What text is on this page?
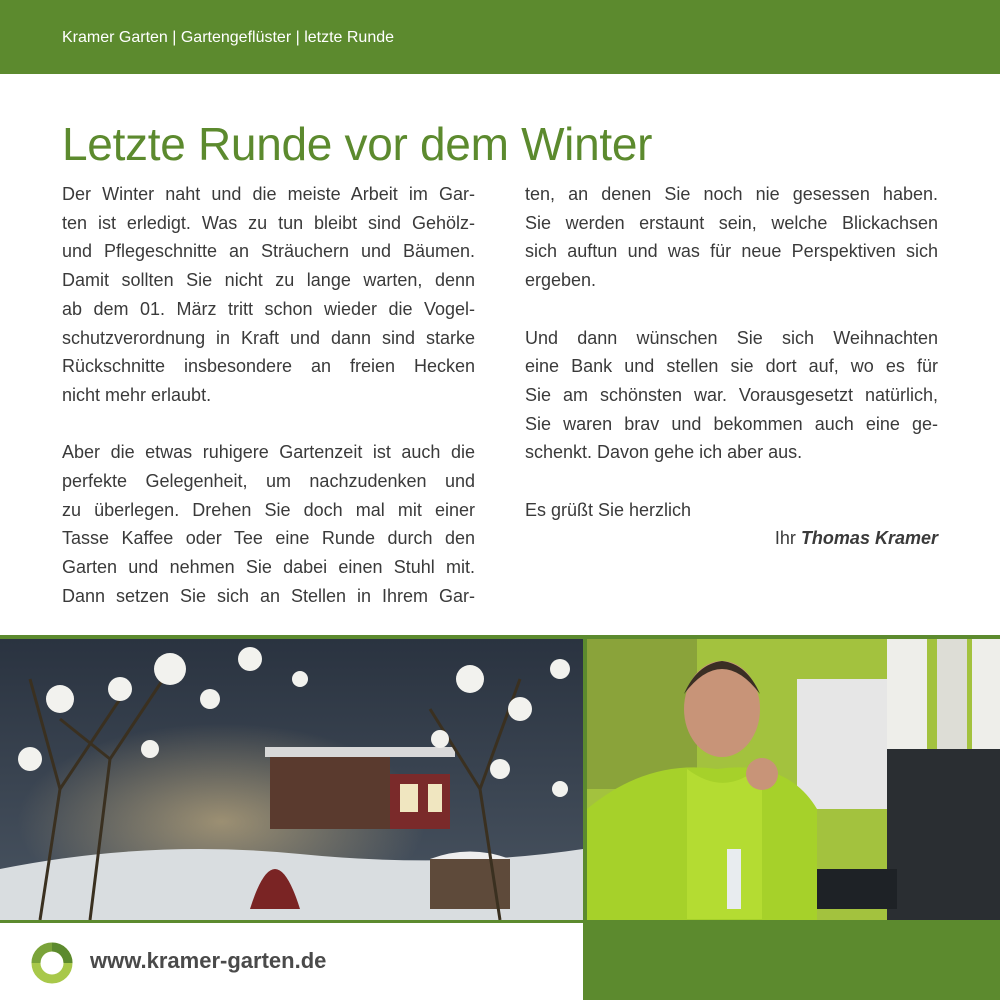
Kramer Garten | Gartengeflüster | letzte Runde
Letzte Runde vor dem Winter

Der Winter naht und die meiste Arbeit im Gar-
ten ist erledigt. Was zu tun bleibt sind Gehölz-
und Pflegeschnitte an Sträuchern und Bäumen.
Damit sollten Sie nicht zu lange warten, denn
ab dem 01. März tritt schon wieder die Vogel-
schutzverordnung in Kraft und dann sind starke
Rückschnitte insbesondere an freien Hecken
nicht mehr erlaubt.

Aber die etwas ruhigere Gartenzeit ist auch die
perfekte Gelegenheit, um nachzudenken und
zu überlegen. Drehen Sie doch mal mit einer
Tasse Kaffee oder Tee eine Runde durch den
Garten und nehmen Sie dabei einen Stuhl mit.
Dann setzen Sie sich an Stellen in Ihrem Gar-

ten, an denen Sie noch nie gesessen haben.
Sie werden erstaunt sein, welche Blickachsen
sich auftun und was für neue Perspektiven sich
ergeben.

Und dann wünschen Sie sich Weihnachten
eine Bank und stellen sie dort auf, wo es für
Sie am schönsten war. Vorausgesetzt natürlich,
Sie waren brav und bekommen auch eine ge-
schenkt. Davon gehe ich aber aus.

Es grüßt Sie herzlich

Ihr Thomas Kramer

www.kramer-garten.de
